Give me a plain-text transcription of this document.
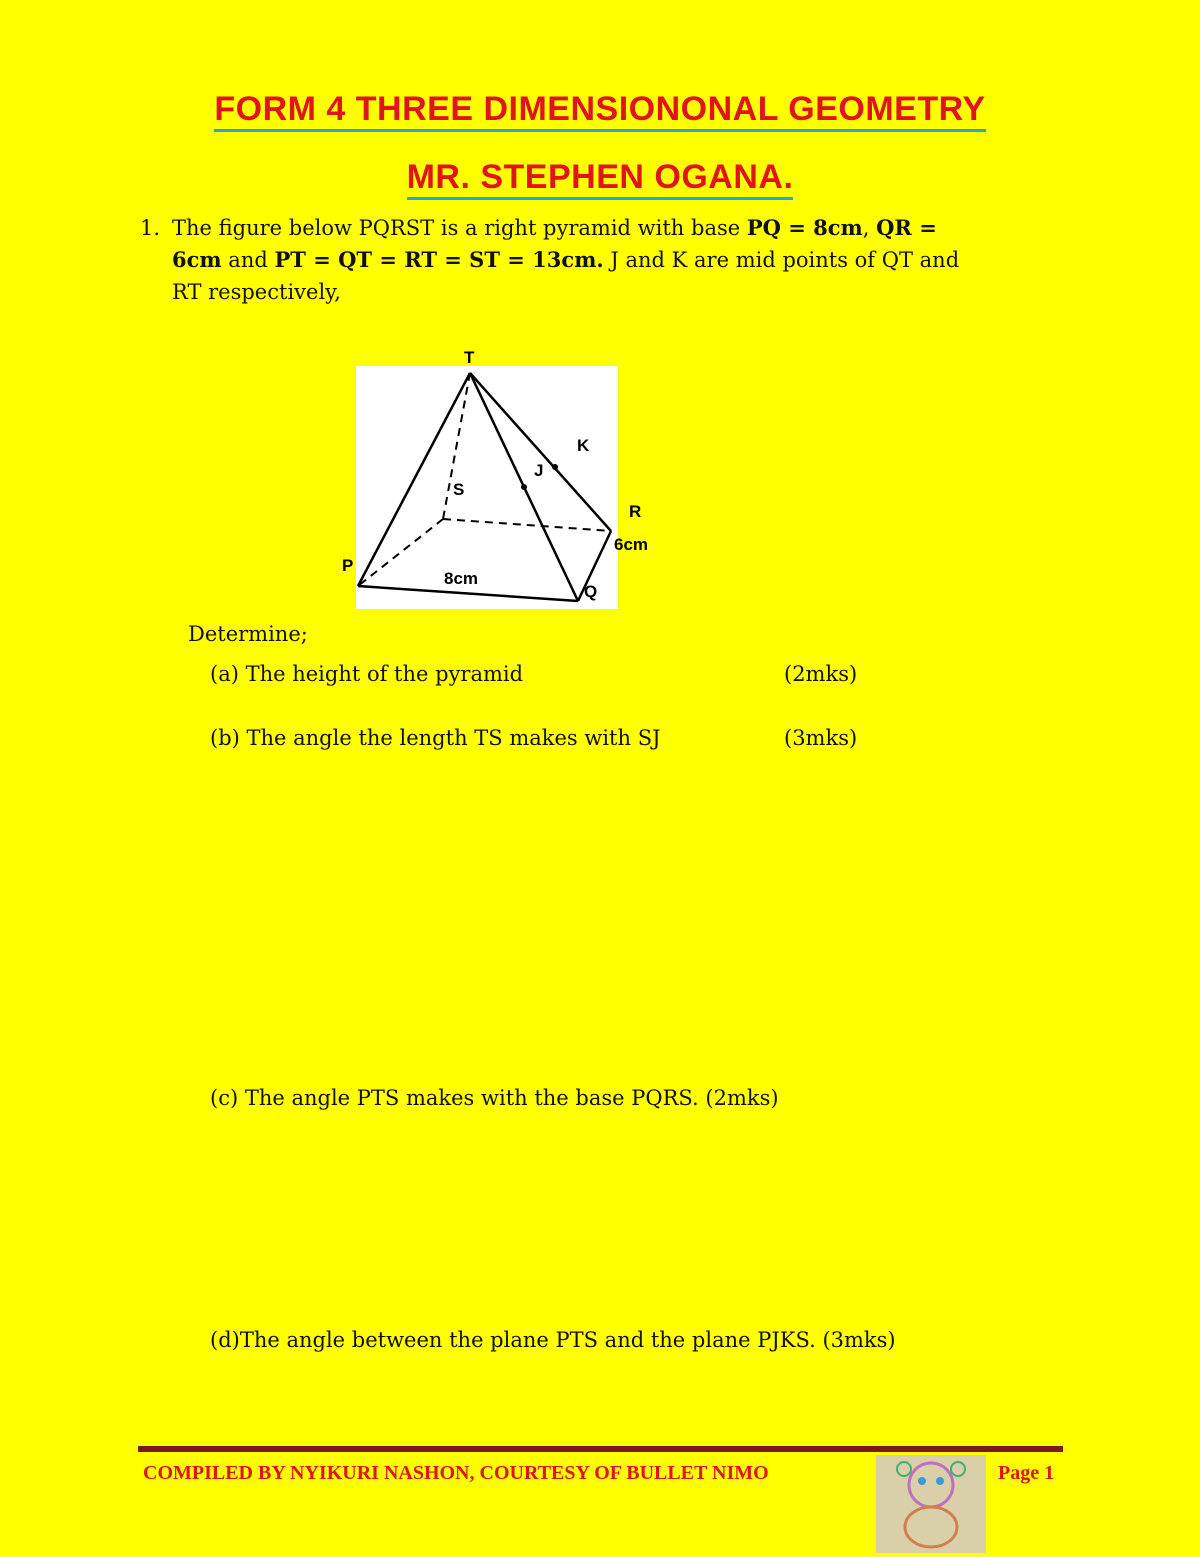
FORM 4 THREE DIMENSIONONAL GEOMETRY
MR. STEPHEN OGANA.
1. The figure below PQRST is a right pyramid with base PQ = 8cm, QR =
6cm and PT = QT = RT = ST = 13cm. J and K are mid points of QT and
RT respectively,
T
K
J
S
R
6cm
P
8cm
Q
Determine;
(a) The height of the pyramid	(2mks)
(b) The angle the length TS makes with SJ	(3mks)
(c) The angle PTS makes with the base PQRS. (2mks)
(d)The angle between the plane PTS and the plane PJKS. (3mks)
COMPILED BY NYIKURI NASHON, COURTESY OF BULLET NIMO	Page 1
